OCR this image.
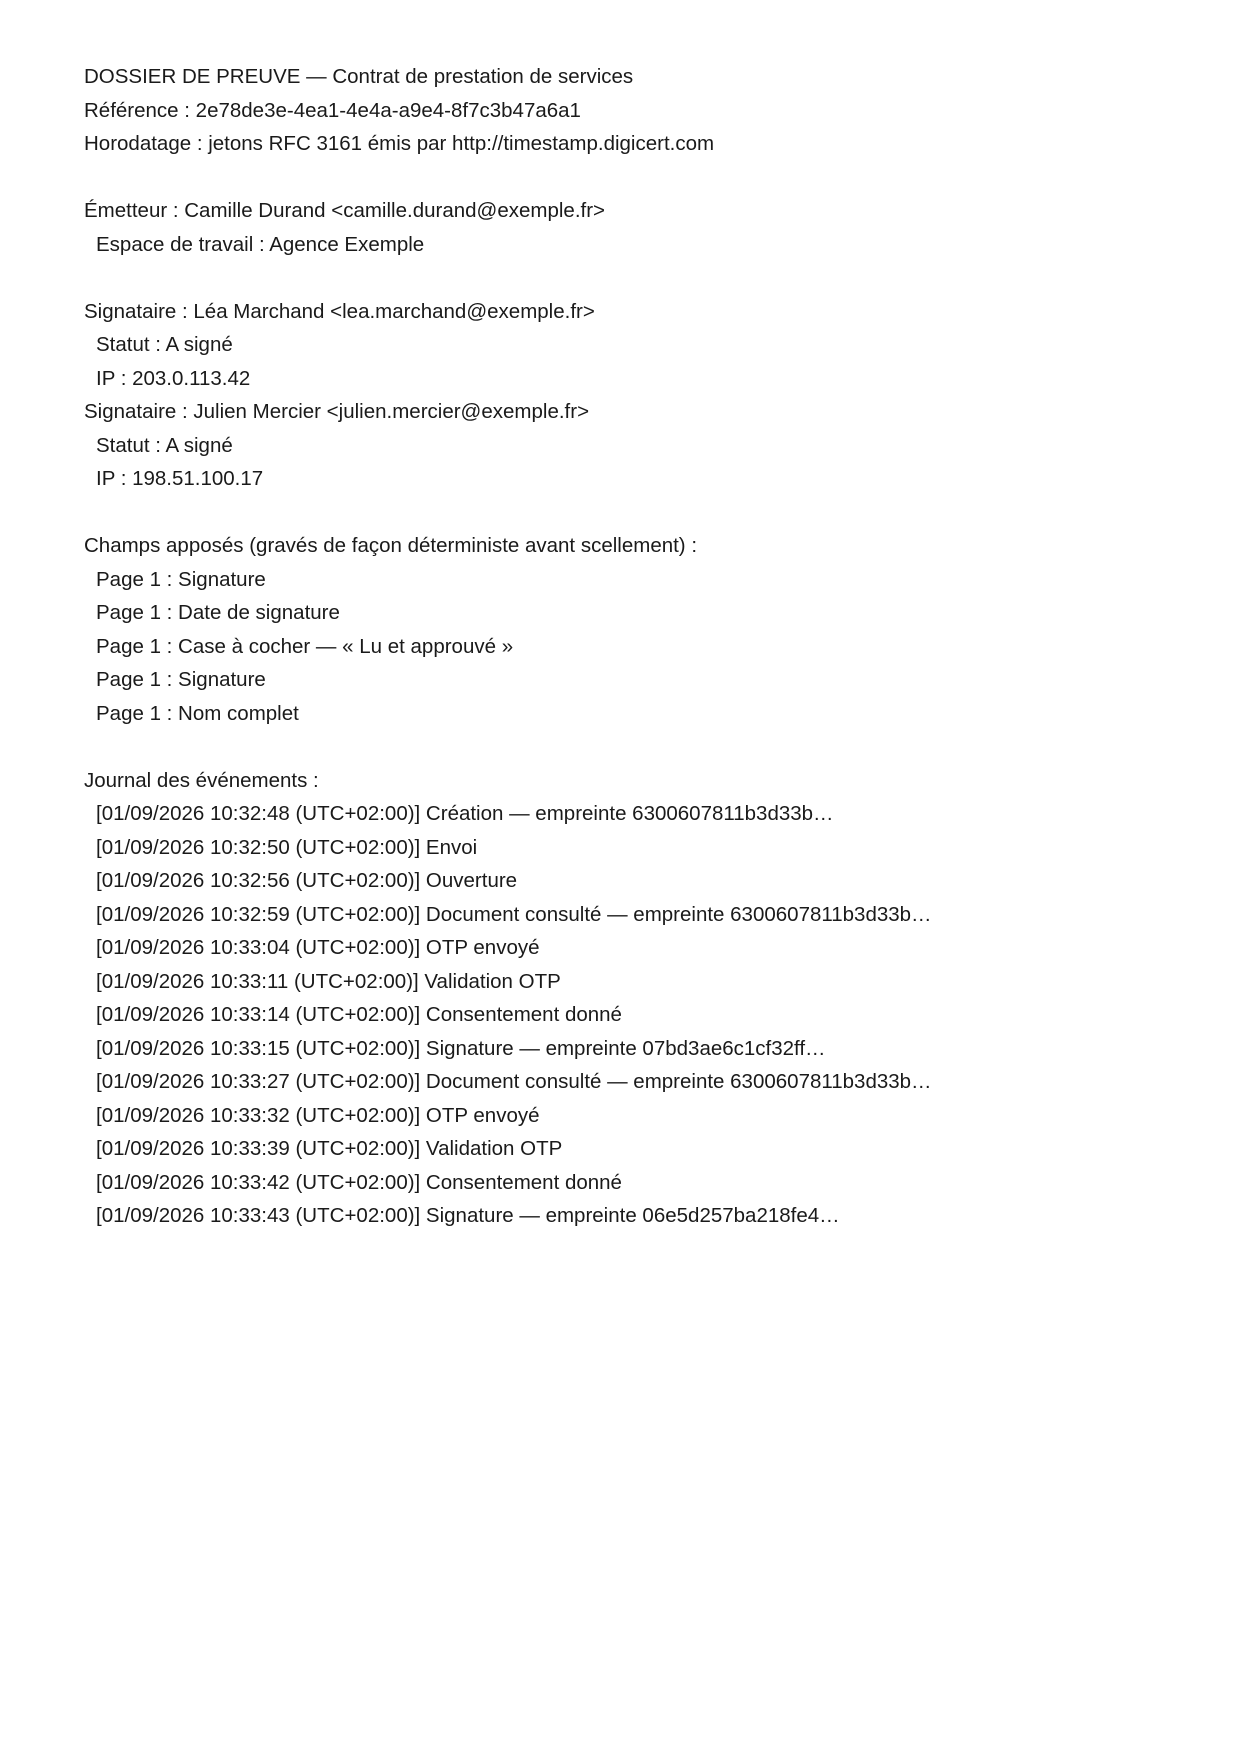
DOSSIER DE PREUVE — Contrat de prestation de services
Référence : 2e78de3e-4ea1-4e4a-a9e4-8f7c3b47a6a1
Horodatage : jetons RFC 3161 émis par http://timestamp.digicert.com
Émetteur : Camille Durand <camille.durand@exemple.fr>
Espace de travail : Agence Exemple
Signataire : Léa Marchand <lea.marchand@exemple.fr>
Statut : A signé
IP : 203.0.113.42
Signataire : Julien Mercier <julien.mercier@exemple.fr>
Statut : A signé
IP : 198.51.100.17
Champs apposés (gravés de façon déterministe avant scellement) :
Page 1 : Signature
Page 1 : Date de signature
Page 1 : Case à cocher — « Lu et approuvé »
Page 1 : Signature
Page 1 : Nom complet
Journal des événements :
[01/09/2026 10:32:48 (UTC+02:00)] Création — empreinte 6300607811b3d33b…
[01/09/2026 10:32:50 (UTC+02:00)] Envoi
[01/09/2026 10:32:56 (UTC+02:00)] Ouverture
[01/09/2026 10:32:59 (UTC+02:00)] Document consulté — empreinte 6300607811b3d33b…
[01/09/2026 10:33:04 (UTC+02:00)] OTP envoyé
[01/09/2026 10:33:11 (UTC+02:00)] Validation OTP
[01/09/2026 10:33:14 (UTC+02:00)] Consentement donné
[01/09/2026 10:33:15 (UTC+02:00)] Signature — empreinte 07bd3ae6c1cf32ff…
[01/09/2026 10:33:27 (UTC+02:00)] Document consulté — empreinte 6300607811b3d33b…
[01/09/2026 10:33:32 (UTC+02:00)] OTP envoyé
[01/09/2026 10:33:39 (UTC+02:00)] Validation OTP
[01/09/2026 10:33:42 (UTC+02:00)] Consentement donné
[01/09/2026 10:33:43 (UTC+02:00)] Signature — empreinte 06e5d257ba218fe4…
